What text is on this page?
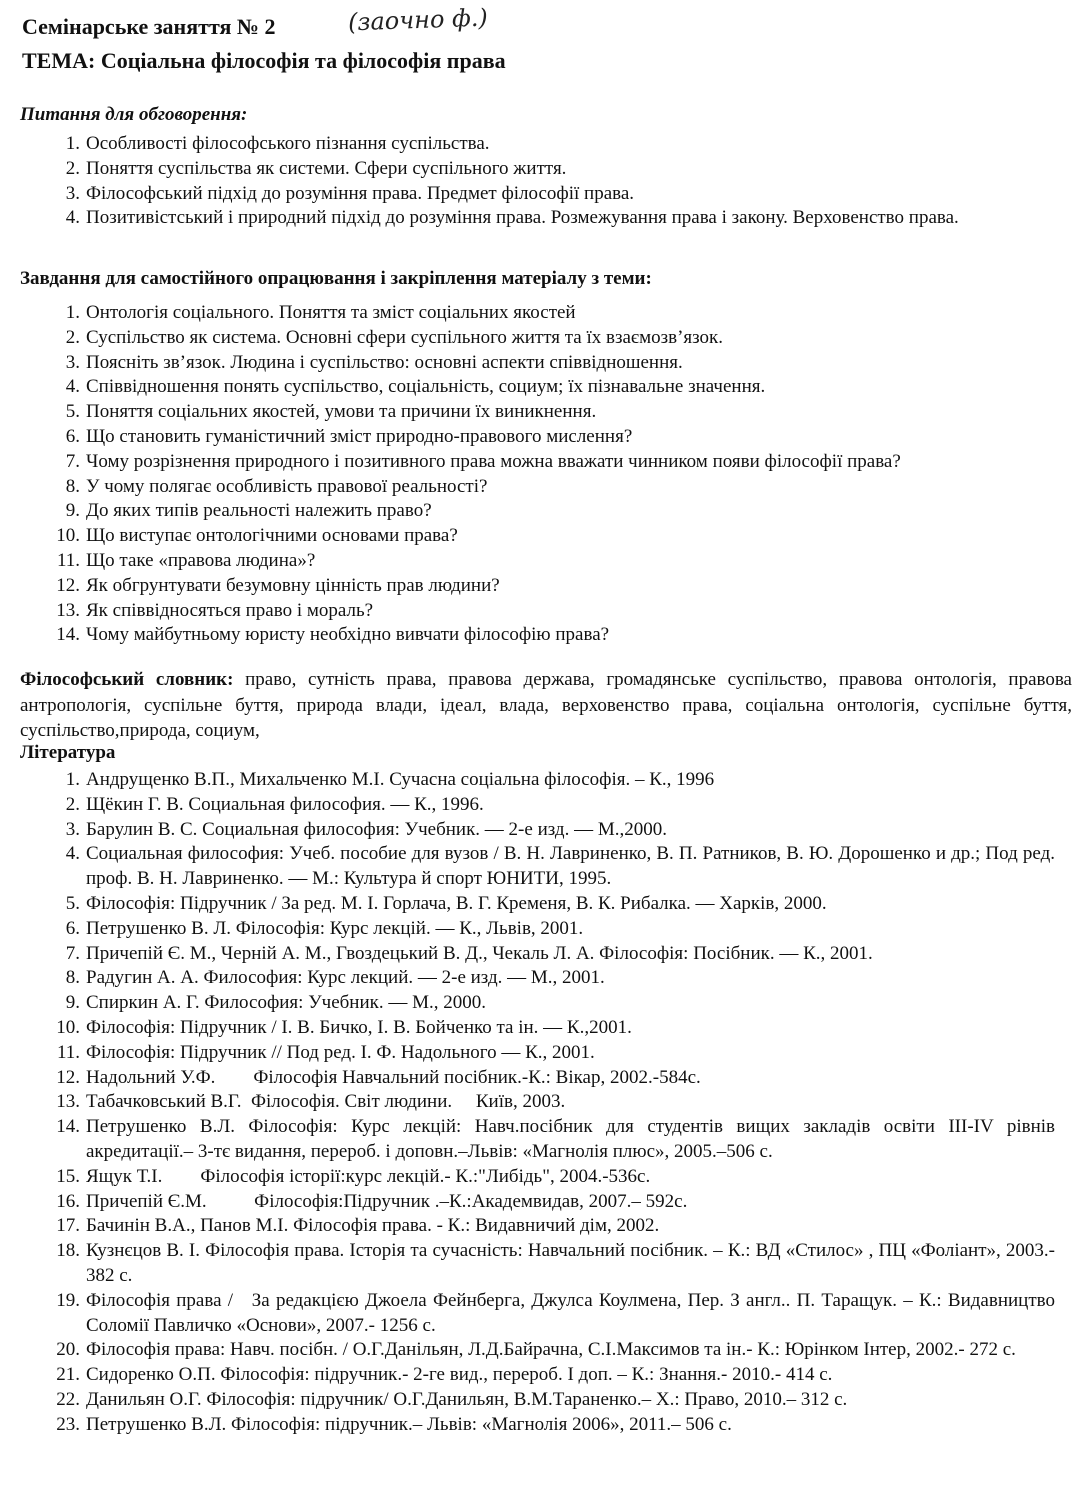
Семінарське заняття № 2	(заочно ф.)
ТЕМА: Соціальна філософія та філософія права
Питання для обговорення:
1. Особливості філософського пізнання суспільства.
2. Поняття суспільства як системи. Сфери суспільного життя.
3. Філософський підхід до розуміння права. Предмет філософії права.
4. Позитивістський і природний підхід до розуміння права. Розмежування права і закону. Верховенство права.
Завдання для самостійного опрацювання і закріплення матеріалу з теми:
1. Онтологія соціального. Поняття та зміст соціальних якостей
2. Суспільство як система. Основні сфери суспільного життя та їх взаємозв’язок.
3. Поясніть зв’язок. Людина і суспільство: основні аспекти співвідношення.
4. Співвідношення понять суспільство, соціальність, социум; їх пізнавальне значення.
5. Поняття соціальних якостей, умови та причини їх виникнення.
6. Що становить гуманістичний зміст природно-правового мислення?
7. Чому розрізнення природного і позитивного права можна вважати чинником появи філософії права?
8. У чому полягає особливість правової реальності?
9. До яких типів реальності належить право?
10. Що виступає онтологічними основами права?
11. Що таке «правова людина»?
12. Як обгрунтувати безумовну цінність прав людини?
13. Як співвідносяться право і мораль?
14. Чому майбутньому юристу необхідно вивчати філософію права?
Філософський словник: право, сутність права, правова держава, громадянське суспільство, правова онтологія, правова антропологія, суспільне буття, природа влади, ідеал, влада, верховенство права, соціальна онтологія, суспільне буття, суспільство,природа, социум,
Література
1. Андрущенко В.П., Михальченко М.І. Сучасна соціальна філософія. – К., 1996
2. Щёкин Г. В. Социальная философия. — К., 1996.
3. Барулин В. С. Социальная философия: Учебник. — 2-е изд. — М.,2000.
4. Социальная философия: Учеб. пособие для вузов / В. Н. Лавриненко, В. П. Ратников, В. Ю. Дорошенко и др.; Под ред. проф. В. Н. Лавриненко. — М.: Культура й спорт ЮНИТИ, 1995.
5. Філософія: Підручник / За ред. М. І. Горлача, В. Г. Кременя, В. К. Рибалка. — Харків, 2000.
6. Петрушенко В. Л. Філософія: Курс лекцій. — К., Львів, 2001.
7. Причепій Є. М., Черній А. М., Гвоздецький В. Д., Чекаль Л. А. Філософія: Посібник. — К., 2001.
8. Радугин А. А. Философия: Курс лекций. — 2-е изд. — М., 2001.
9. Спиркин А. Г. Философия: Учебник. — М., 2000.
10. Філософія: Підручник / І. В. Бичко, І. В. Бойченко та ін. — К.,2001.
11. Філософія: Підручник // Под ред. І. Ф. Надольного — К., 2001.
12. Надольний У.Ф.        Філософія Навчальний посібник.-К.: Вікар, 2002.-584с.
13. Табачковський В.Г.  Філософія. Світ людини.     Київ, 2003.
14. Петрушенко В.Л. Філософія: Курс лекцій: Навч.посібник для студентів вищих закладів освіти III-IV рівнів акредитації.– 3-тє видання, перероб. і доповн.–Львів: «Магнолія плюс», 2005.–506 с.
15. Ящук Т.І.        Філософія історії:курс лекцій.- К.:"Либідь", 2004.-536с.
16. Причепій Є.М.          Філософія:Підручник .–К.:Академвидав, 2007.– 592с.
17. Бачинін В.А., Панов М.І. Філософія права. - К.: Видавничий дім, 2002.
18. Кузнєцов В. І. Філософія права. Історія та сучасність: Навчальний посібник. – К.: ВД «Стилос» , ПЦ «Фоліант», 2003.- 382 с.
19. Філософія права /   За редакцією Джоела Фейнберга, Джулса Коулмена, Пер. З англ.. П. Таращук. – К.: Видавництво Соломії Павличко «Основи», 2007.- 1256 с.
20. Філософія права: Навч. посібн. / О.Г.Данільян, Л.Д.Байрачна, С.І.Максимов та ін.- К.: Юрінком Інтер, 2002.- 272 с.
21. Сидоренко О.П. Філософія: підручник.- 2-ге вид., перероб. І доп. – К.: Знання.- 2010.- 414 с.
22. Данильян О.Г. Філософія: підручник/ О.Г.Данильян, В.М.Тараненко.– Х.: Право, 2010.– 312 с.
23. Петрушенко В.Л. Філософія: підручник.– Львів: «Магнолія 2006», 2011.– 506 с.
